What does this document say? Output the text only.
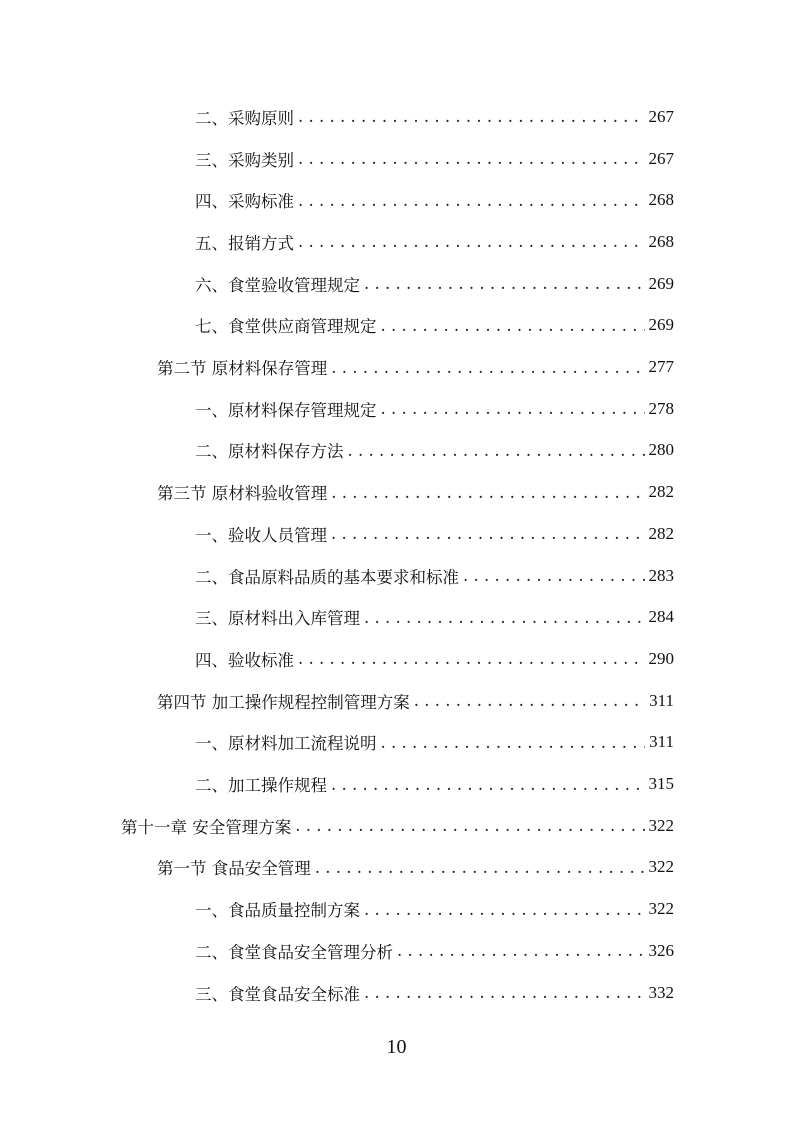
二、采购原则 . . .	267
三、采购类别 . . .	267
四、采购标准 . . .	268
五、报销方式 . . .	268
六、食堂验收管理规定 . . .	269
七、食堂供应商管理规定 . . .	269
第二节 原材料保存管理 . . .	277
一、原材料保存管理规定 . . .	278
二、原材料保存方法 . . .	280
第三节 原材料验收管理 . . .	282
一、验收人员管理 . . .	282
二、食品原料品质的基本要求和标准 . . .	283
三、原材料出入库管理 . . .	284
四、验收标准 . . .	290
第四节 加工操作规程控制管理方案 . . .	311
一、原材料加工流程说明 . . .	311
二、加工操作规程 . . .	315
第十一章 安全管理方案 . . .	322
第一节 食品安全管理 . . .	322
一、食品质量控制方案 . . .	322
二、食堂食品安全管理分析 . . .	326
三、食堂食品安全标准 . . .	332
10
